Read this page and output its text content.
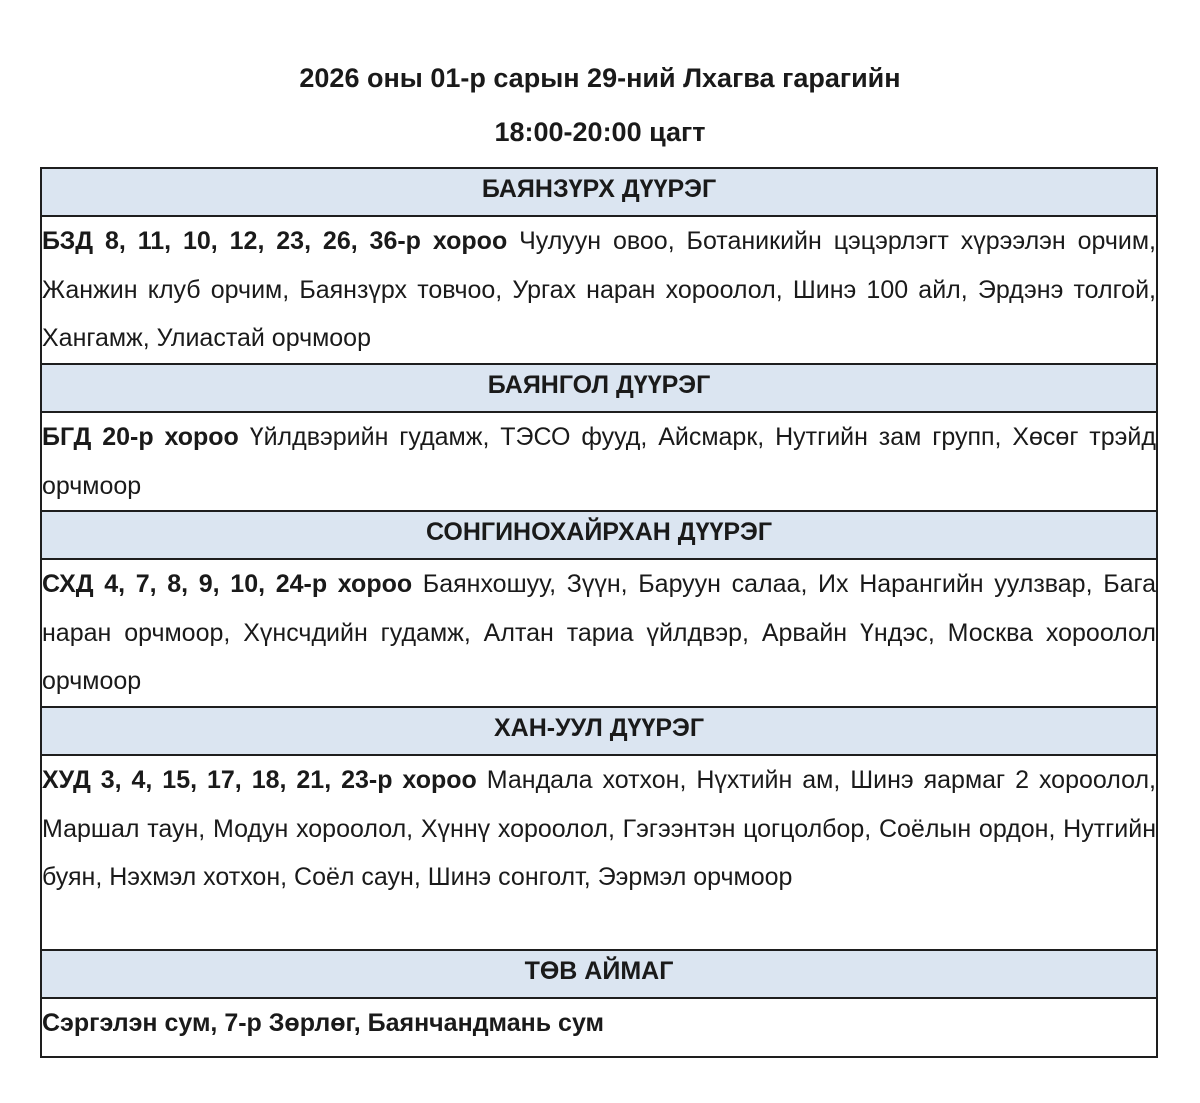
2026 оны 01-р сарын 29-ний Лхагва гарагийн
18:00-20:00 цагт
БАЯНЗҮРХ ДҮҮРЭГ
БЗД 8, 11, 10, 12, 23, 26, 36-р хороо Чулуун овоо, Ботаникийн цэцэрлэгт хүрээлэн орчим, Жанжин клуб орчим, Баянзүрх товчоо, Ургах наран хороолол, Шинэ 100 айл, Эрдэнэ толгой, Хангамж, Улиастай орчмоор
БАЯНГОЛ ДҮҮРЭГ
БГД 20-р хороо Үйлдвэрийн гудамж, ТЭСО фууд, Айсмарк, Нутгийн зам групп, Хөсөг трэйд орчмоор
СОНГИНОХАЙРХАН ДҮҮРЭГ
СХД 4, 7, 8, 9, 10, 24-р хороо Баянхошуу, Зүүн, Баруун салаа, Их Нарангийн уулзвар, Бага наран орчмоор, Хүнсчдийн гудамж, Алтан тариа үйлдвэр, Арвайн Үндэс, Москва хороолол орчмоор
ХАН-УУЛ ДҮҮРЭГ
ХУД 3, 4, 15, 17, 18, 21, 23-р хороо Мандала хотхон, Нүхтийн ам, Шинэ яармаг 2 хороолол, Маршал таун, Модун хороолол, Хүннү хороолол, Гэгээнтэн цогцолбор, Соёлын ордон, Нутгийн буян, Нэхмэл хотхон, Соёл саун, Шинэ сонголт, Ээрмэл орчмоор
ТӨВ АЙМАГ
Сэргэлэн сум, 7-р Зөрлөг, Баянчандмань сум
